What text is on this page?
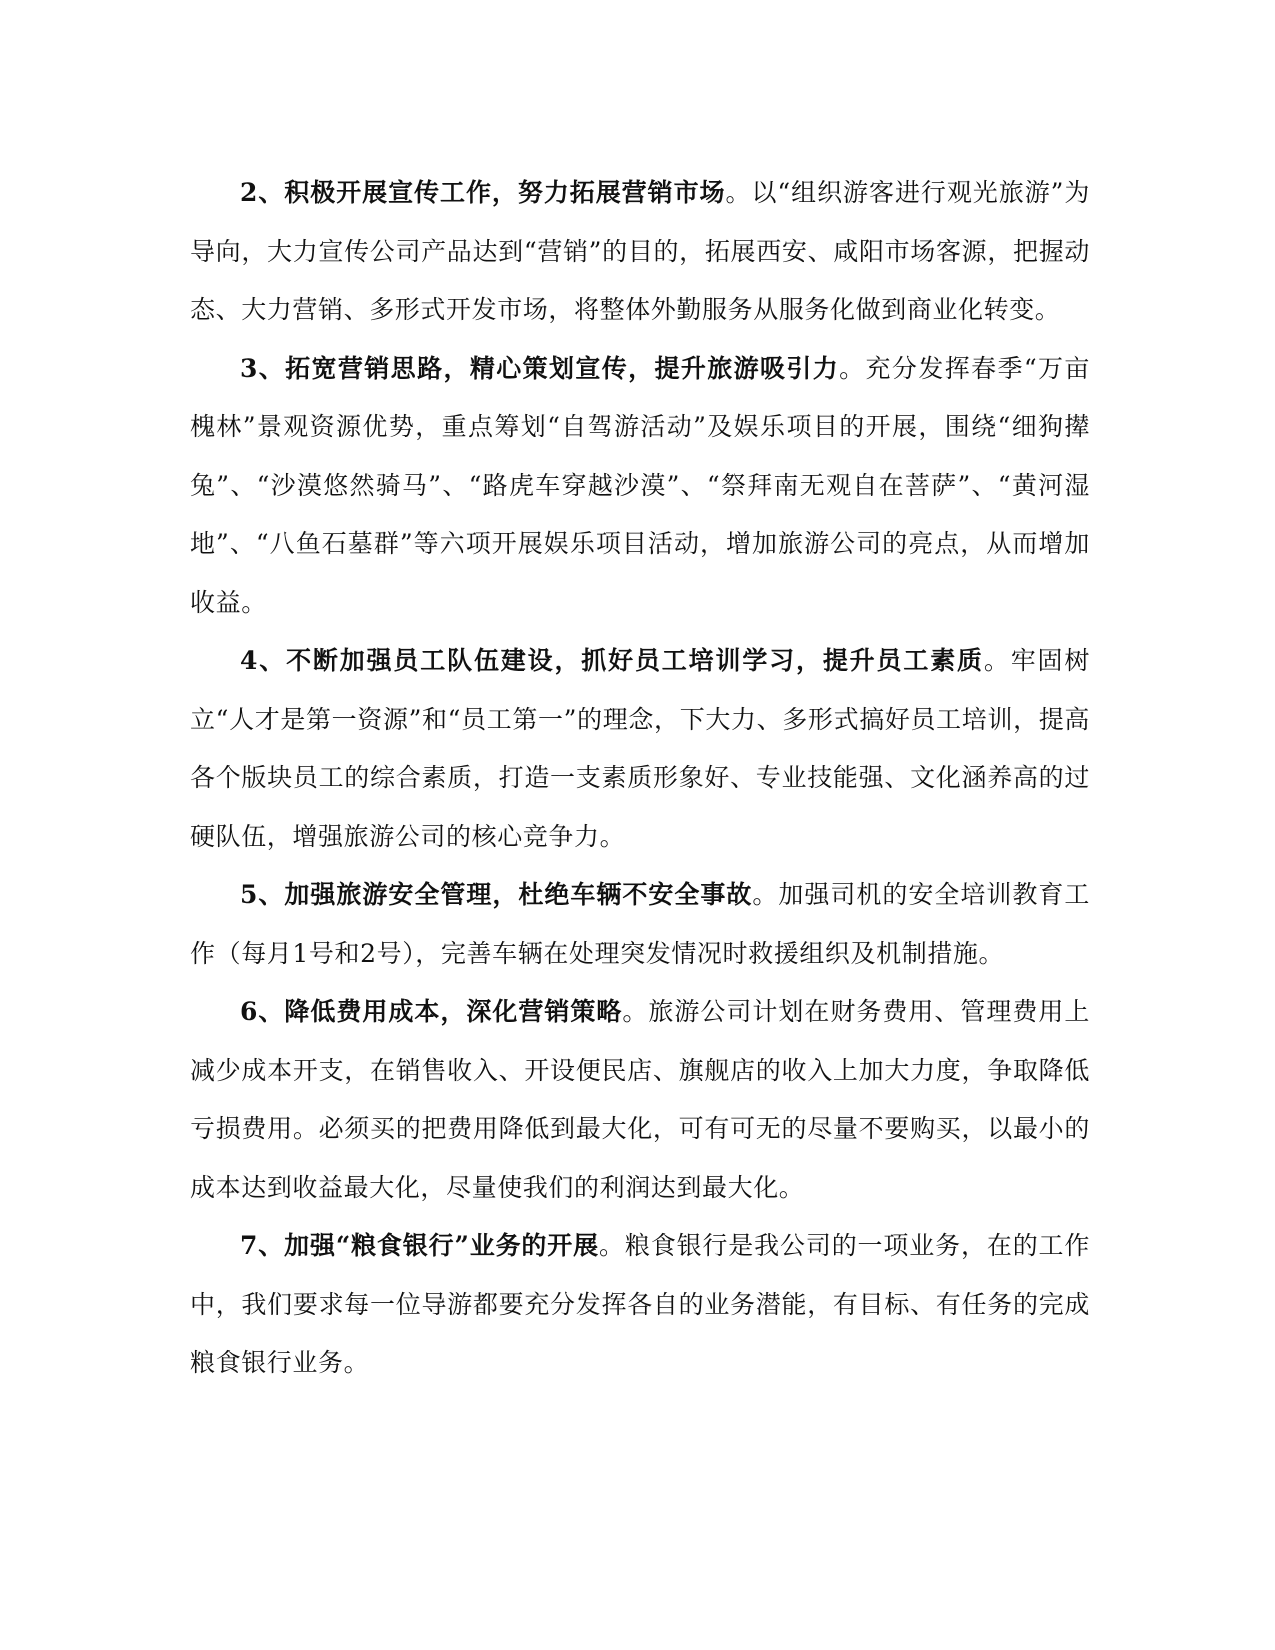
2、积极开展宣传工作，努力拓展营销市场。以“组织游客进行观光旅游”为导向，大力宣传公司产品达到“营销”的目的，拓展西安、咸阳市场客源，把握动态、大力营销、多形式开发市场，将整体外勤服务从服务化做到商业化转变。

3、拓宽营销思路，精心策划宣传，提升旅游吸引力。充分发挥春季“万亩槐林”景观资源优势，重点筹划“自驾游活动”及娱乐项目的开展，围绕“细狗撵兔”、“沙漠悠然骑马”、“路虎车穿越沙漠”、“祭拜南无观自在菩萨”、“黄河湿地”、“八鱼石墓群”等六项开展娱乐项目活动，增加旅游公司的亮点，从而增加收益。

4、不断加强员工队伍建设，抓好员工培训学习，提升员工素质。牢固树立“人才是第一资源”和“员工第一”的理念，下大力、多形式搞好员工培训，提高各个版块员工的综合素质，打造一支素质形象好、专业技能强、文化涵养高的过硬队伍，增强旅游公司的核心竞争力。

5、加强旅游安全管理，杜绝车辆不安全事故。加强司机的安全培训教育工作（每月1号和2号），完善车辆在处理突发情况时救援组织及机制措施。

6、降低费用成本，深化营销策略。旅游公司计划在财务费用、管理费用上减少成本开支，在销售收入、开设便民店、旗舰店的收入上加大力度，争取降低亏损费用。必须买的把费用降低到最大化，可有可无的尽量不要购买，以最小的成本达到收益最大化，尽量使我们的利润达到最大化。

7、加强“粮食银行”业务的开展。粮食银行是我公司的一项业务，在的工作中，我们要求每一位导游都要充分发挥各自的业务潜能，有目标、有任务的完成粮食银行业务。
